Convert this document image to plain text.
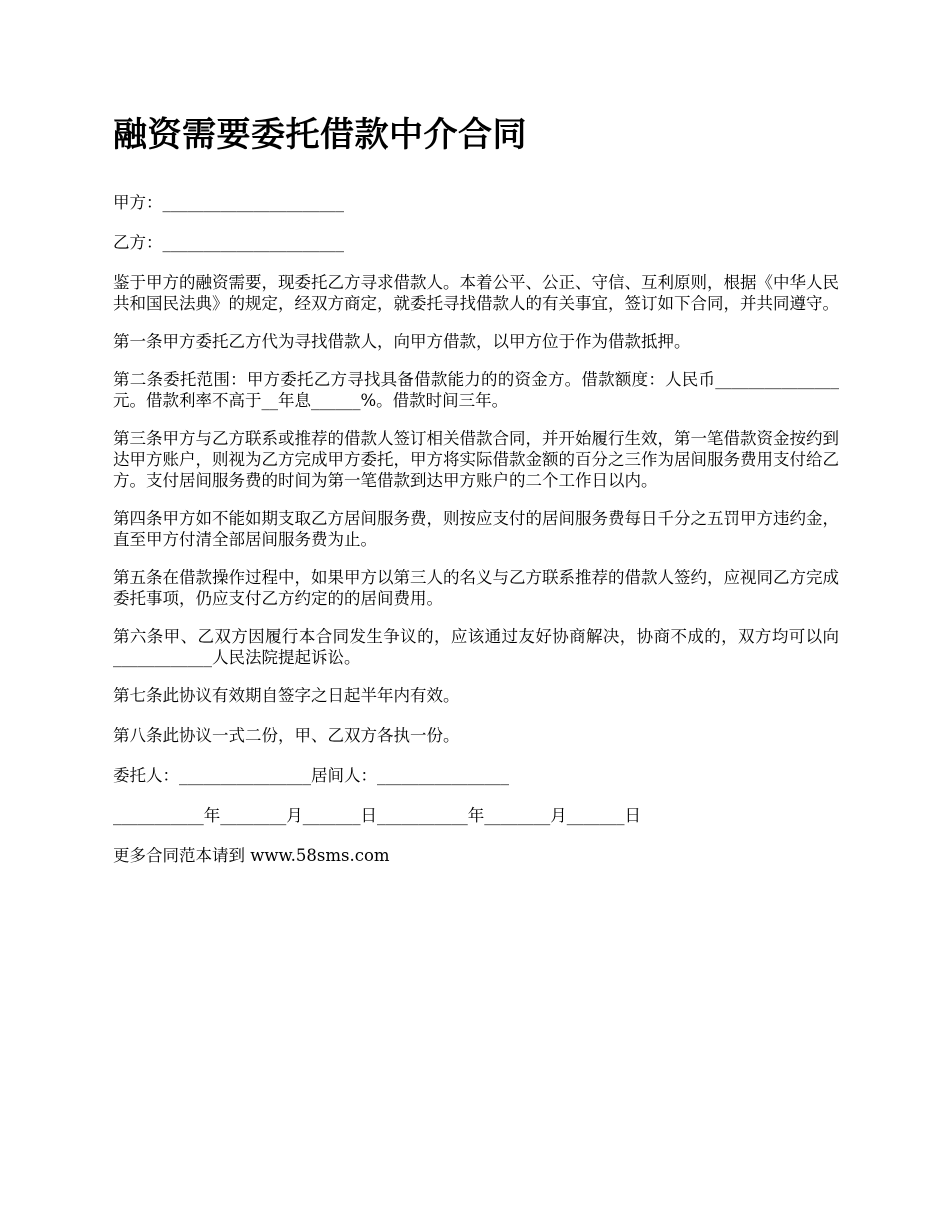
融资需要委托借款中介合同

甲方：______________________

乙方：______________________

鉴于甲方的融资需要，现委托乙方寻求借款人。本着公平、公正、守信、互利原则，根据《中华人民共和国民法典》的规定，经双方商定，就委托寻找借款人的有关事宜，签订如下合同，并共同遵守。

第一条甲方委托乙方代为寻找借款人，向甲方借款，以甲方位于作为借款抵押。

第二条委托范围：甲方委托乙方寻找具备借款能力的的资金方。借款额度：人民币_______________元。借款利率不高于__年息______%。借款时间三年。

第三条甲方与乙方联系或推荐的借款人签订相关借款合同，并开始履行生效，第一笔借款资金按约到达甲方账户，则视为乙方完成甲方委托，甲方将实际借款金额的百分之三作为居间服务费用支付给乙方。支付居间服务费的时间为第一笔借款到达甲方账户的二个工作日以内。

第四条甲方如不能如期支取乙方居间服务费，则按应支付的居间服务费每日千分之五罚甲方违约金，直至甲方付清全部居间服务费为止。

第五条在借款操作过程中，如果甲方以第三人的名义与乙方联系推荐的借款人签约，应视同乙方完成委托事项，仍应支付乙方约定的的居间费用。

第六条甲、乙双方因履行本合同发生争议的，应该通过友好协商解决，协商不成的，双方均可以向____________人民法院提起诉讼。

第七条此协议有效期自签字之日起半年内有效。

第八条此协议一式二份，甲、乙双方各执一份。

委托人：________________居间人：________________

___________年________月_______日___________年________月_______日

更多合同范本请到 www.58sms.com
